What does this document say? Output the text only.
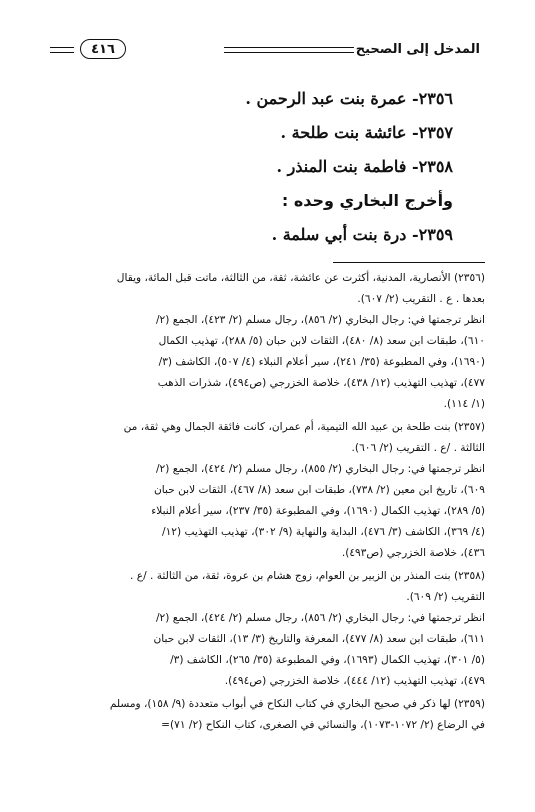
المدخل إلى الصحيح
٤١٦
٢٣٥٦- عمرة بنت عبد الرحمن .
٢٣٥٧- عائشة بنت طلحة .
٢٣٥٨- فاطمة بنت المنذر .
وأخرج البخاري وحده :
٢٣٥٩- درة بنت أبي سلمة .
(٢٣٥٦) الأنصارية، المدنية، أكثرت عن عائشة، ثقة، من الثالثة، ماتت قبل المائة، ويقال
بعدها . ع . التقريب (٢/ ٦٠٧).
انظر ترجمتها في: رجال البخاري (٢/ ٨٥٦)، رجال مسلم (٢/ ٤٢٣)، الجمع (٢/
٦١٠)، طبقات ابن سعد (٨/ ٤٨٠)، الثقات لابن حبان (٥/ ٢٨٨)، تهذيب الكمال
(١٦٩٠)، وفي المطبوعة (٣٥/ ٢٤١)، سير أعلام النبلاء (٤/ ٥٠٧)، الكاشف (٣/
٤٧٧)، تهذيب التهذيب (١٢/ ٤٣٨)، خلاصة الخزرجي (ص٤٩٤)، شذرات الذهب
(١/ ١١٤).
(٢٣٥٧) بنت طلحة بن عبيد الله التيمية، أم عمران، كانت فائقة الجمال وهي ثقة، من
الثالثة . /ع . التقريب (٢/ ٦٠٦).
انظر ترجمتها في: رجال البخاري (٢/ ٨٥٥)، رجال مسلم (٢/ ٤٢٤)، الجمع (٢/
٦٠٩)، تاريخ ابن معين (٢/ ٧٣٨)، طبقات ابن سعد (٨/ ٤٦٧)، الثقات لابن حبان
(٥/ ٢٨٩)، تهذيب الكمال (١٦٩٠)، وفي المطبوعة (٣٥/ ٢٣٧)، سير أعلام النبلاء
(٤/ ٣٦٩)، الكاشف (٣/ ٤٧٦)، البداية والنهاية (٩/ ٣٠٢)، تهذيب التهذيب (١٢/
٤٣٦)، خلاصة الخزرجي (ص٤٩٣).
(٢٣٥٨) بنت المنذر بن الزبير بن العوام، زوج هشام بن عروة، ثقة، من الثالثة . /ع .
التقريب (٢/ ٦٠٩).
انظر ترجمتها في: رجال البخاري (٢/ ٨٥٦)، رجال مسلم (٢/ ٤٢٤)، الجمع (٢/
٦١١)، طبقات ابن سعد (٨/ ٤٧٧)، المعرفة والتاريخ (٣/ ١٣)، الثقات لابن حبان
(٥/ ٣٠١)، تهذيب الكمال (١٦٩٣)، وفي المطبوعة (٣٥/ ٢٦٥)، الكاشف (٣/
٤٧٩)، تهذيب التهذيب (١٢/ ٤٤٤)، خلاصة الخزرجي (ص٤٩٤).
(٢٣٥٩) لها ذكر في صحيح البخاري في كتاب النكاح في أبواب متعددة (٩/ ١٥٨)، ومسلم
في الرضاع (٢/ ١٠٧٢-١٠٧٣)، والنسائي في الصغرى، كتاب النكاح (٢/ ٧١)=
